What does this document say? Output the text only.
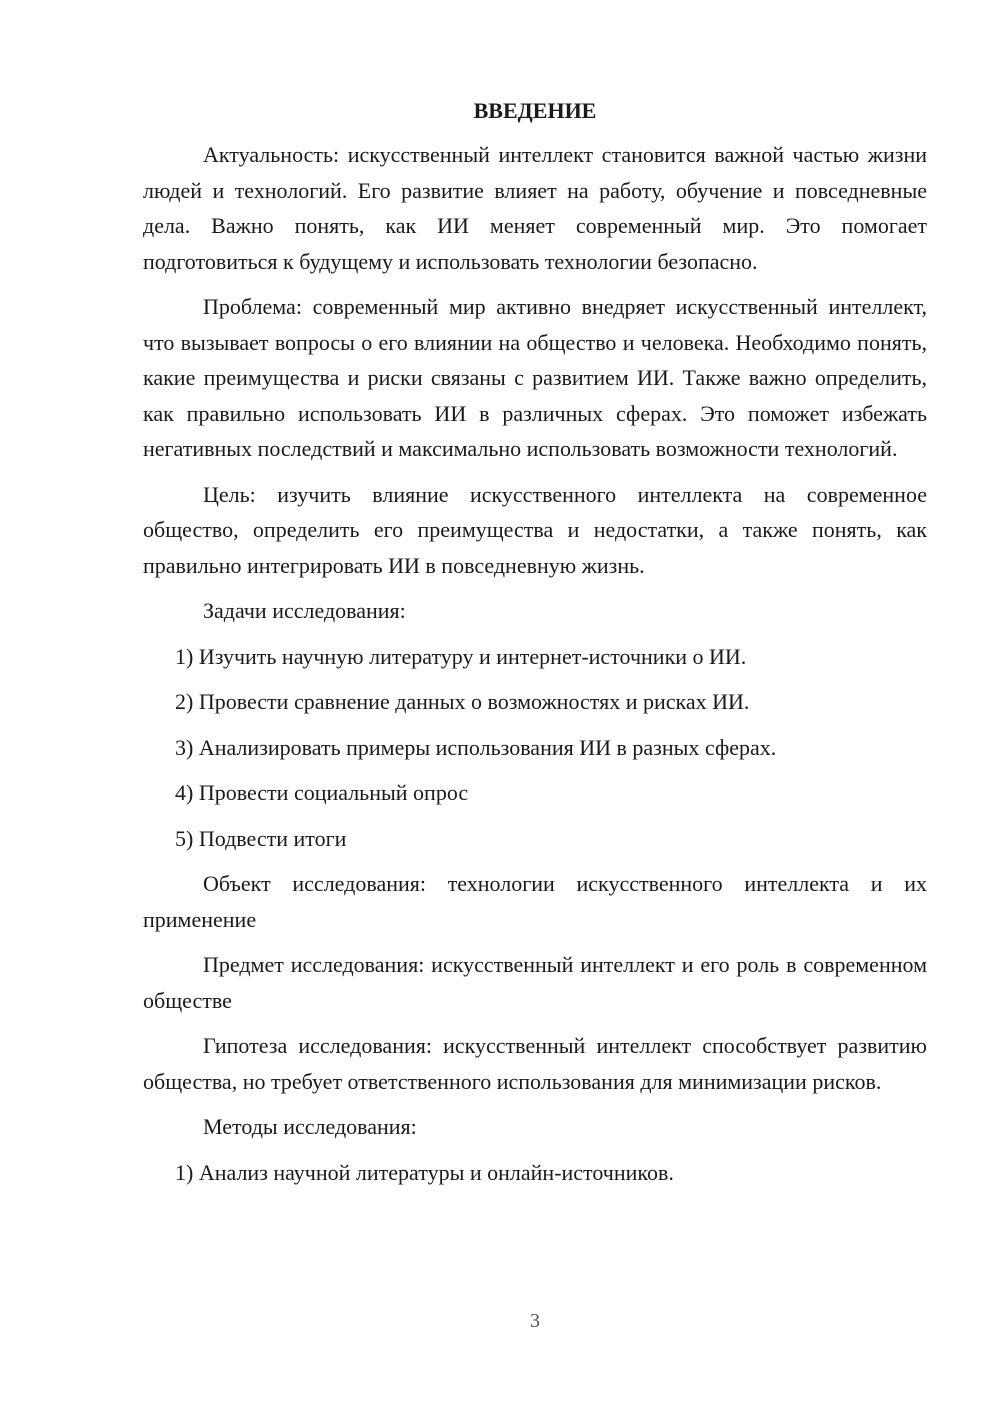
ВВЕДЕНИЕ

Актуальность: искусственный интеллект становится важной частью жизни людей и технологий. Его развитие влияет на работу, обучение и повседневные дела. Важно понять, как ИИ меняет современный мир. Это помогает подготовиться к будущему и использовать технологии безопасно.

Проблема: современный мир активно внедряет искусственный интеллект, что вызывает вопросы о его влиянии на общество и человека. Необходимо понять, какие преимущества и риски связаны с развитием ИИ. Также важно определить, как правильно использовать ИИ в различных сферах. Это поможет избежать негативных последствий и максимально использовать возможности технологий.

Цель: изучить влияние искусственного интеллекта на современное общество, определить его преимущества и недостатки, а также понять, как правильно интегрировать ИИ в повседневную жизнь.

Задачи исследования:

1) Изучить научную литературу и интернет-источники о ИИ.

2) Провести сравнение данных о возможностях и рисках ИИ.

3) Анализировать примеры использования ИИ в разных сферах.

4) Провести социальный опрос

5) Подвести итоги

Объект исследования: технологии искусственного интеллекта и их применение

Предмет исследования: искусственный интеллект и его роль в современном обществе

Гипотеза исследования: искусственный интеллект способствует развитию общества, но требует ответственного использования для минимизации рисков.

Методы исследования:

1) Анализ научной литературы и онлайн-источников.

3
